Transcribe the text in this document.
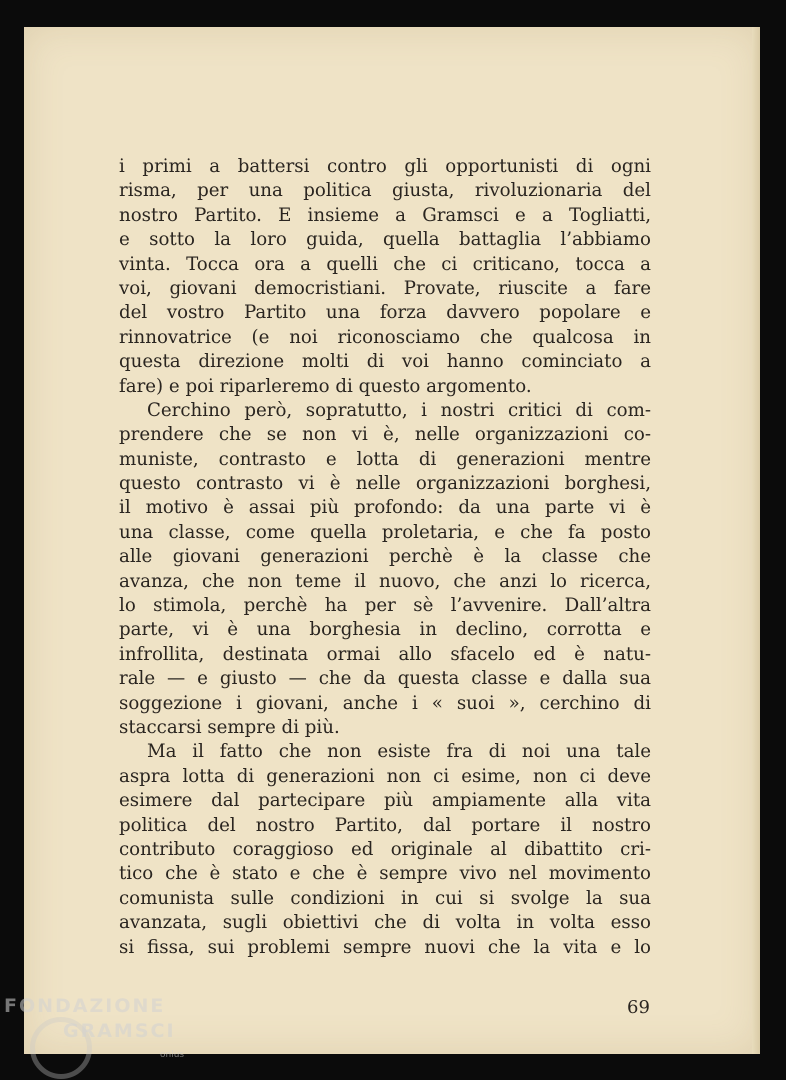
i primi a battersi contro gli opportunisti di ogni
risma, per una politica giusta, rivoluzionaria del
nostro Partito. E insieme a Gramsci e a Togliatti,
e sotto la loro guida, quella battaglia l’abbiamo
vinta. Tocca ora a quelli che ci criticano, tocca a
voi, giovani democristiani. Provate, riuscite a fare
del vostro Partito una forza davvero popolare e
rinnovatrice (e noi riconosciamo che qualcosa in
questa direzione molti di voi hanno cominciato a
fare) e poi riparleremo di questo argomento.
Cerchino però, sopratutto, i nostri critici di com-
prendere che se non vi è, nelle organizzazioni co-
muniste, contrasto e lotta di generazioni mentre
questo contrasto vi è nelle organizzazioni borghesi,
il motivo è assai più profondo: da una parte vi è
una classe, come quella proletaria, e che fa posto
alle giovani generazioni perchè è la classe che
avanza, che non teme il nuovo, che anzi lo ricerca,
lo stimola, perchè ha per sè l’avvenire. Dall’altra
parte, vi è una borghesia in declino, corrotta e
infrollita, destinata ormai allo sfacelo ed è natu-
rale — e giusto — che da questa classe e dalla sua
soggezione i giovani, anche i « suoi », cerchino di
staccarsi sempre di più.
Ma il fatto che non esiste fra di noi una tale
aspra lotta di generazioni non ci esime, non ci deve
esimere dal partecipare più ampiamente alla vita
politica del nostro Partito, dal portare il nostro
contributo coraggioso ed originale al dibattito cri-
tico che è stato e che è sempre vivo nel movimento
comunista sulle condizioni in cui si svolge la sua
avanzata, sugli obiettivi che di volta in volta esso
si fissa, sui problemi sempre nuovi che la vita e lo
69
FONDAZIONE
GRAMSCI
onlus
